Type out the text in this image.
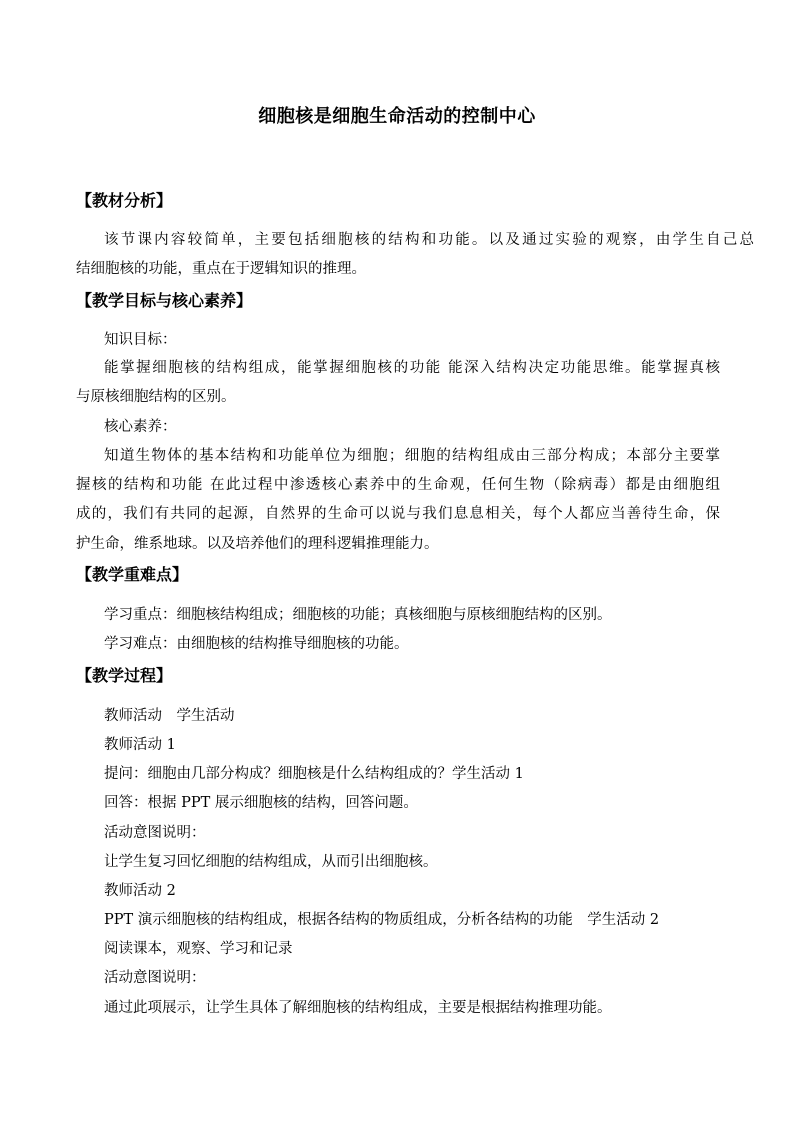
细胞核是细胞生命活动的控制中心
【教材分析】
该节课内容较简单，主要包括细胞核的结构和功能。以及通过实验的观察，由学生自己总
结细胞核的功能，重点在于逻辑知识的推理。
【教学目标与核心素养】
知识目标：
能掌握细胞核的结构组成，能掌握细胞核的功能 能深入结构决定功能思维。能掌握真核
与原核细胞结构的区别。
核心素养：
知道生物体的基本结构和功能单位为细胞；细胞的结构组成由三部分构成；本部分主要掌
握核的结构和功能 在此过程中渗透核心素养中的生命观，任何生物（除病毒）都是由细胞组
成的，我们有共同的起源，自然界的生命可以说与我们息息相关，每个人都应当善待生命，保
护生命，维系地球。以及培养他们的理科逻辑推理能力。
【教学重难点】
学习重点：细胞核结构组成；细胞核的功能；真核细胞与原核细胞结构的区别。
学习难点：由细胞核的结构推导细胞核的功能。
【教学过程】
教师活动　学生活动
教师活动 1
提问：细胞由几部分构成？细胞核是什么结构组成的？学生活动 1
回答：根据 PPT 展示细胞核的结构，回答问题。
活动意图说明：
让学生复习回忆细胞的结构组成，从而引出细胞核。
教师活动 2
PPT 演示细胞核的结构组成，根据各结构的物质组成，分析各结构的功能　学生活动 2
阅读课本，观察、学习和记录
活动意图说明：
通过此项展示，让学生具体了解细胞核的结构组成，主要是根据结构推理功能。
